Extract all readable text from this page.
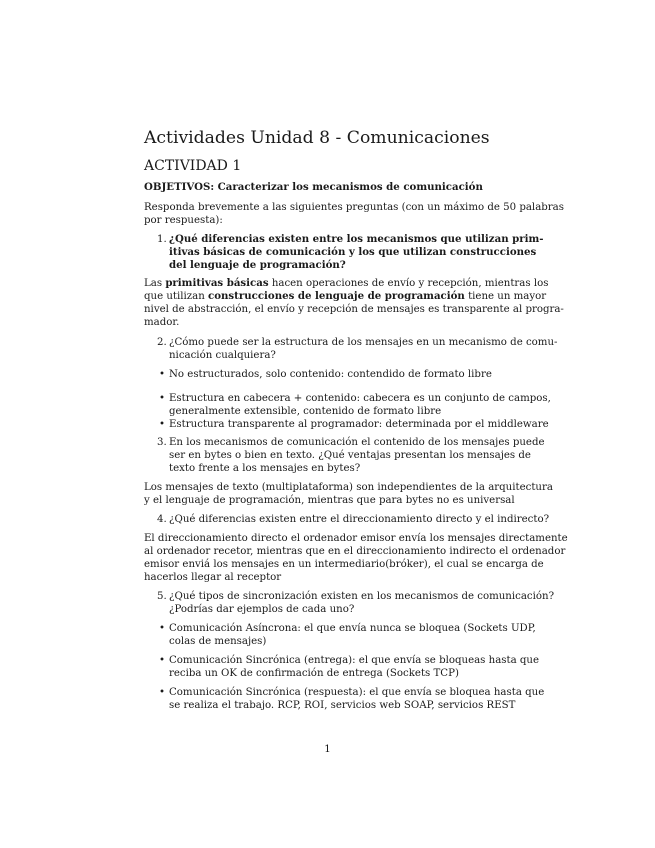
Actividades Unidad 8 - Comunicaciones
ACTIVIDAD 1
OBJETIVOS: Caracterizar los mecanismos de comunicación
Responda brevemente a las siguientes preguntas (con un máximo de 50 palabras
por respuesta):
1. ¿Qué diferencias existen entre los mecanismos que utilizan prim-
itivas básicas de comunicación y los que utilizan construcciones
del lenguaje de programación?
Las primitivas básicas hacen operaciones de envío y recepción, mientras los
que utilizan construcciones de lenguaje de programación tiene un mayor
nivel de abstracción, el envío y recepción de mensajes es transparente al progra-
mador.
2. ¿Cómo puede ser la estructura de los mensajes en un mecanismo de comu-
nicación cualquiera?
• No estructurados, solo contenido: contendido de formato libre
• Estructura en cabecera + contenido: cabecera es un conjunto de campos,
generalmente extensible, contenido de formato libre
• Estructura transparente al programador: determinada por el middleware
3. En los mecanismos de comunicación el contenido de los mensajes puede
ser en bytes o bien en texto. ¿Qué ventajas presentan los mensajes de
texto frente a los mensajes en bytes?
Los mensajes de texto (multiplataforma) son independientes de la arquitectura
y el lenguaje de programación, mientras que para bytes no es universal
4. ¿Qué diferencias existen entre el direccionamiento directo y el indirecto?
El direccionamiento directo el ordenador emisor envía los mensajes directamente
al ordenador recetor, mientras que en el direccionamiento indirecto el ordenador
emisor enviá los mensajes en un intermediario(bróker), el cual se encarga de
hacerlos llegar al receptor
5. ¿Qué tipos de sincronización existen en los mecanismos de comunicación?
¿Podrías dar ejemplos de cada uno?
• Comunicación Asíncrona: el que envía nunca se bloquea (Sockets UDP,
colas de mensajes)
• Comunicación Sincrónica (entrega): el que envía se bloqueas hasta que
reciba un OK de confirmación de entrega (Sockets TCP)
• Comunicación Sincrónica (respuesta): el que envía se bloquea hasta que
se realiza el trabajo. RCP, ROI, servicios web SOAP, servicios REST
1
